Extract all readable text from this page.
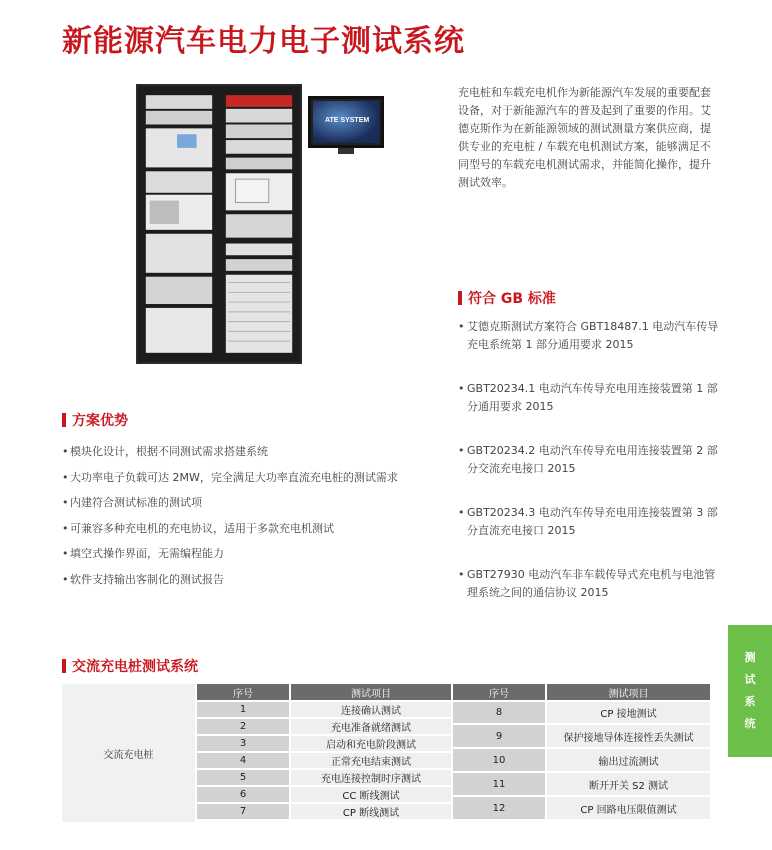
新能源汽车电力电子测试系统
ATE SYSTEM

充电桩和车载充电机作为新能源汽车发展的重要配套设备，对于新能源汽车的普及起到了重要的作用。艾德克斯作为在新能源领域的测试测量方案供应商，提供专业的充电桩 / 车载充电机测试方案，能够满足不同型号的车载充电机测试需求，并能简化操作，提升测试效率。

符合 GB 标准
• 艾德克斯测试方案符合 GBT18487.1 电动汽车传导充电系统第 1 部分通用要求 2015
• GBT20234.1 电动汽车传导充电用连接装置第 1 部分通用要求 2015
• GBT20234.2 电动汽车传导充电用连接装置第 2 部分交流充电接口 2015
• GBT20234.3 电动汽车传导充电用连接装置第 3 部分直流充电接口 2015
• GBT27930 电动汽车非车载传导式充电机与电池管理系统之间的通信协议 2015
方案优势
• 模块化设计，根据不同测试需求搭建系统
• 大功率电子负载可达 2MW，完全满足大功率直流充电桩的测试需求
• 内建符合测试标准的测试项
• 可兼容多种充电机的充电协议，适用于多款充电机测试
• 填空式操作界面，无需编程能力
• 软件支持输出客制化的测试报告
测
试
系
统
交流充电桩测试系统
交流充电桩
序号	测试项目	序号	测试项目
1	连接确认测试
2	充电准备就绪测试
3	启动和充电阶段测试
4	正常充电结束测试
5	充电连接控制时序测试
6	CC 断线测试
7	CP 断线测试
8	CP 接地测试
9	保护接地导体连接性丢失测试
10	输出过流测试
11	断开开关 S2 测试
12	CP 回路电压限值测试
